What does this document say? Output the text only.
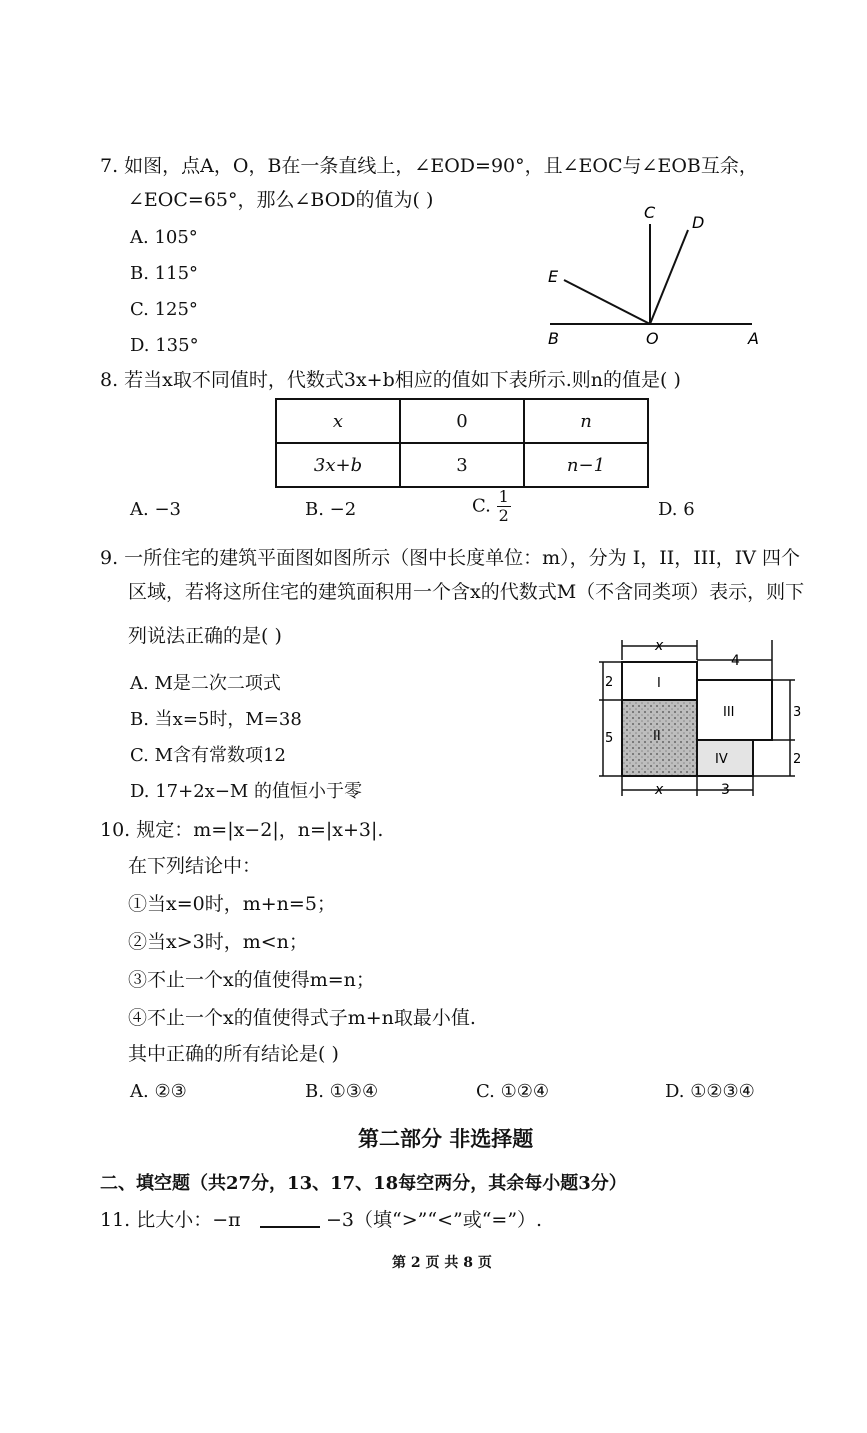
7. 如图，点A，O，B在一条直线上，∠EOD=90°，且∠EOC与∠EOB互余，
∠EOC=65°，那么∠BOD的值为( )
A. 105°
B. 115°
C. 125°
D. 135°
C
D
E
B	O	A
8. 若当x取不同值时，代数式3x+b相应的值如下表所示.则n的值是( )
x	0	n
3x+b	3	n−1
A. −3	B. −2	C. $\frac{1}{2}$	D. 6
9. 一所住宅的建筑平面图如图所示（图中长度单位：m），分为 I，II，III，IV 四个
区域，若将这所住宅的建筑面积用一个含x的代数式M（不含同类项）表示，则下
列说法正确的是( )
A. M是二次二项式
B. 当x=5时，M=38
C. M含有常数项12
D. 17+2x−M 的值恒小于零
x
4
I
II
III
IV
2
5
3
2
x	3
10. 规定：m=|x−2|，n=|x+3|.
在下列结论中：
①当x=0时，m+n=5；
②当x>3时，m<n；
③不止一个x的值使得m=n；
④不止一个x的值使得式子m+n取最小值.
其中正确的所有结论是( )
A. ②③	B. ①③④	C. ①②④	D. ①②③④
第二部分 非选择题
二、填空题（共27分，13、17、18每空两分，其余每小题3分）
11. 比大小：−π	−3（填“>”“<”或“=”）.
第 2 页 共 8 页
